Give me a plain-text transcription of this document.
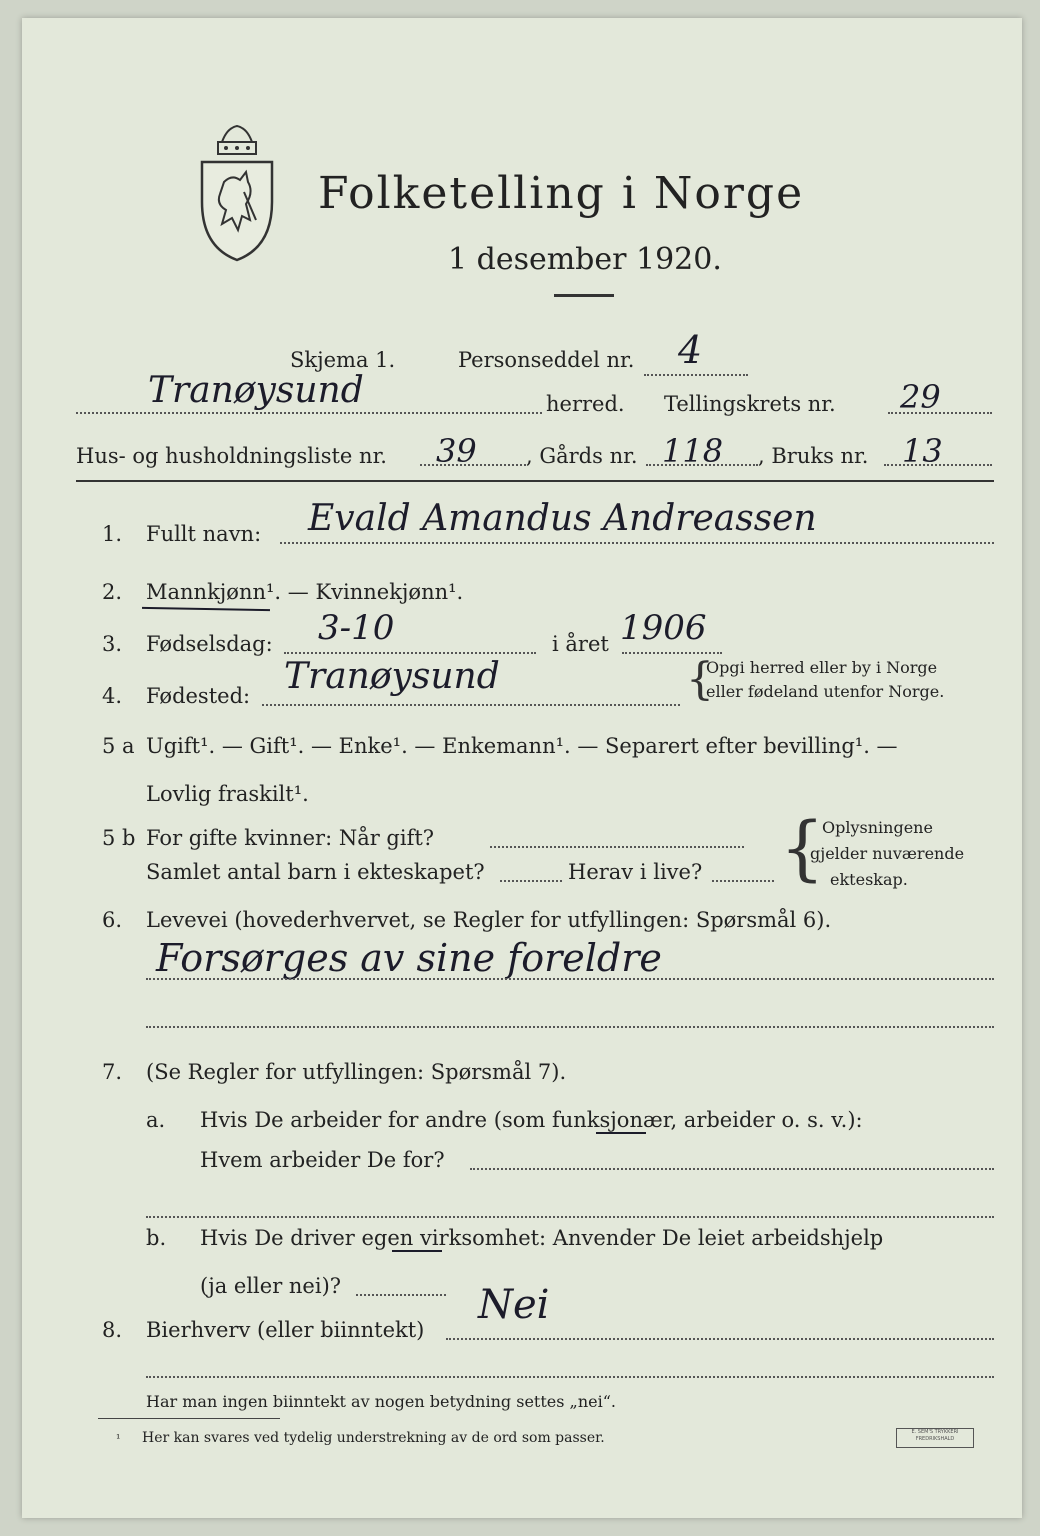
Folketelling i Norge
1 desember 1920.
Skjema 1.	Personseddel nr. 4
Tranøysund	herred. Tellingskrets nr. 29
Hus- og husholdningsliste nr. 39 , Gårds nr. 118 , Bruks nr. 13
1. Fullt navn: Evald Amandus Andreassen
2. Mannkjønn¹. — Kvinnekjønn¹.
3. Fødselsdag: 3-10	i året 1906
4. Fødested: Tranøysund	{
Opgi herred eller by i Norge
eller fødeland utenfor Norge.
5 a Ugift¹. — Gift¹. — Enke¹. — Enkemann¹. — Separert efter bevilling¹. —
Lovlig fraskilt¹.
5 b For gifte kvinner: Når gift?
Samlet antal barn i ekteskapet?	Herav i live? {
Oplysningene
gjelder nuværende
ekteskap.
6. Levevei (hovederhvervet, se Regler for utfyllingen: Spørsmål 6).
Forsørges av sine foreldre
7. (Se Regler for utfyllingen: Spørsmål 7).
a. Hvis De arbeider for andre (som funksjonær, arbeider o. s. v.):
Hvem arbeider De for?
b. Hvis De driver egen virksomhet: Anvender De leiet arbeidshjelp
(ja eller nei)?
8. Bierhverv (eller biinntekt)
Nei
Har man ingen biinntekt av nogen betydning settes „nei“.
¹ Her kan svares ved tydelig understrekning av de ord som passer.	E. SEM'S TRYKKERI
FREDRIKSHALD
